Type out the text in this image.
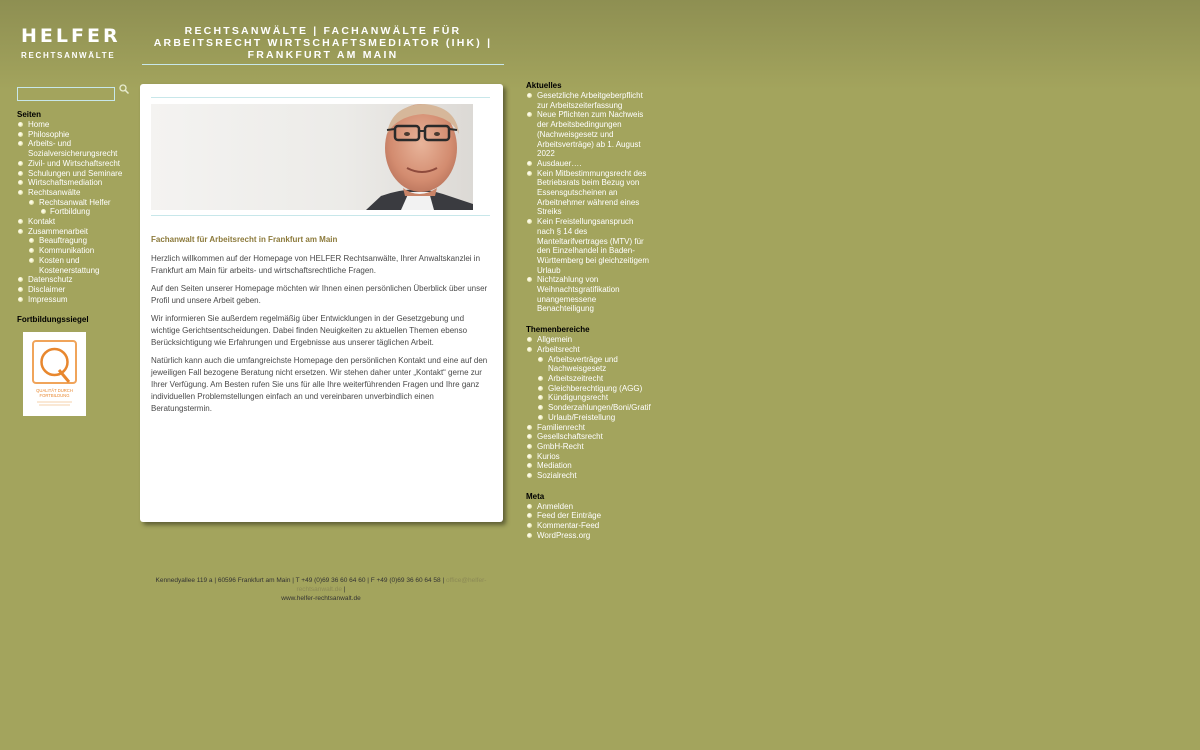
HELFER
RECHTSANWÄLTE
RECHTSANWÄLTE | FACHANWÄLTE FÜR ARBEITSRECHT WIRTSCHAFTSMEDIATOR (IHK) | FRANKFURT AM MAIN
Seiten
Home
Philosophie
Arbeits- und Sozialversicherungsrecht
Zivil- und Wirtschaftsrecht
Schulungen und Seminare
Wirtschaftsmediation
Rechtsanwälte
Rechtsanwalt Helfer
Fortbildung
Kontakt
Zusammenarbeit
Beauftragung
Kommunikation
Kosten und Kostenerstattung
Datenschutz
Disclaimer
Impressum
Fortbildungssiegel
QUALITÄT DURCH
FORTBILDUNG
Fachanwalt für Arbeitsrecht in Frankfurt am Main

Herzlich willkommen auf der Homepage von HELFER Rechtsanwälte, Ihrer Anwaltskanzlei in Frankfurt am Main für arbeits- und wirtschaftsrechtliche Fragen.

Auf den Seiten unserer Homepage möchten wir Ihnen einen persönlichen Überblick über unser Profil und unsere Arbeit geben.

Wir informieren Sie außerdem regelmäßig über Entwicklungen in der Gesetzgebung und wichtige Gerichtsentscheidungen. Dabei finden Neuigkeiten zu aktuellen Themen ebenso Berücksichtigung wie Erfahrungen und Ergebnisse aus unserer täglichen Arbeit.

Natürlich kann auch die umfangreichste Homepage den persönlichen Kontakt und eine auf den jeweiligen Fall bezogene Beratung nicht ersetzen. Wir stehen daher unter „Kontakt“ gerne zur Ihrer Verfügung. Am Besten rufen Sie uns für alle Ihre weiterführenden Fragen und Ihre ganz individuellen Problemstellungen einfach an und vereinbaren unverbindlich einen Beratungstermin.

Kennedyallee 119 a | 60596 Frankfurt am Main | T +49 (0)69 36 60 64 60 | F +49 (0)69 36 60 64 58 | office@helfer-rechtsanwalt.de |
www.helfer-rechtsanwalt.de
Aktuelles
Gesetzliche Arbeitgeberpflicht zur Arbeitszeiterfassung
Neue Pflichten zum Nachweis der Arbeitsbedingungen (Nachweisgesetz und Arbeitsverträge) ab 1. August 2022
Ausdauer….
Kein Mitbestimmungsrecht des Betriebsrats beim Bezug von Essensgutscheinen an Arbeitnehmer während eines Streiks
Kein Freistellungsanspruch nach § 14 des Manteltarifvertrages (MTV) für den Einzelhandel in Baden-Württemberg bei gleichzeitigem Urlaub
Nichtzahlung von Weihnachtsgratifikation unangemessene Benachteiligung
Themenbereiche
Allgemein
Arbeitsrecht
Arbeitsverträge und Nachweisgesetz
Arbeitszeitrecht
Gleichberechtigung (AGG)
Kündigungsrecht
Sonderzahlungen/Boni/Gratif
Urlaub/Freistellung
Familienrecht
Gesellschaftsrecht
GmbH-Recht
Kurios
Mediation
Sozialrecht
Meta
Anmelden
Feed der Einträge
Kommentar-Feed
WordPress.org
